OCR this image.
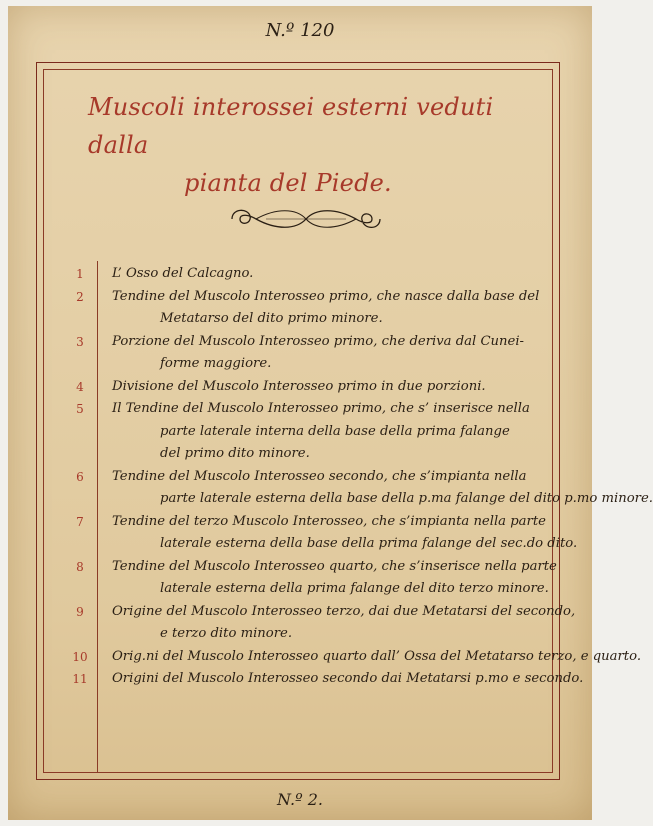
N.º 120
Muscoli interossei esterni veduti dalla
pianta del Piede.
1	L’ Osso del Calcagno.
2	Tendine del Muscolo Interosseo primo, che nasce dalla base del
Metatarso del dito primo minore.
3	Porzione del Muscolo Interosseo primo, che deriva dal Cunei-
forme maggiore.
4	Divisione del Muscolo Interosseo primo in due porzioni.
5	Il Tendine del Muscolo Interosseo primo, che s’ inserisce nella
parte laterale interna della base della prima falange
del primo dito minore.
6	Tendine del Muscolo Interosseo secondo, che s’impianta nella
parte laterale esterna della base della p.ma falange del dito p.mo minore.
7	Tendine del terzo Muscolo Interosseo, che s’impianta nella parte
laterale esterna della base della prima falange del sec.do dito.
8	Tendine del Muscolo Interosseo quarto, che s’inserisce nella parte
laterale esterna della prima falange del dito terzo minore.
9	Origine del Muscolo Interosseo terzo, dai due Metatarsi del secondo,
e terzo dito minore.
10	Orig.ni del Muscolo Interosseo quarto dall’ Ossa del Metatarso terzo, e quarto.
11	Origini del Muscolo Interosseo secondo dai Metatarsi p.mo e secondo.
N.º 2.
